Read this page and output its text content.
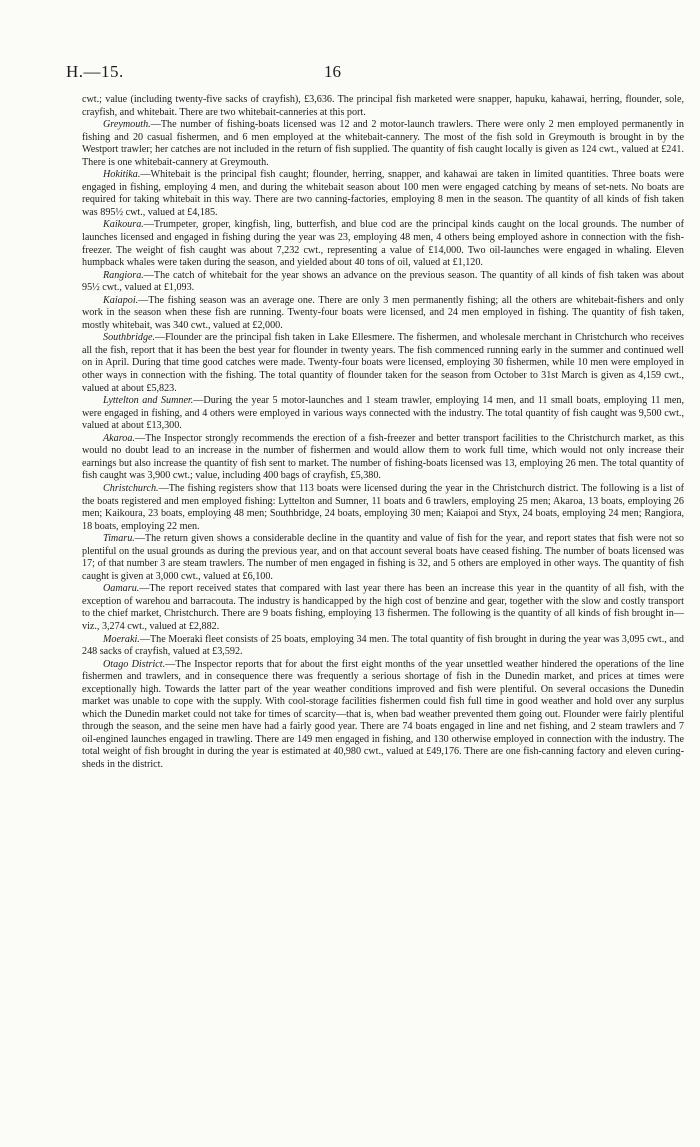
H.—15.	16

cwt.; value (including twenty-five sacks of crayfish), £3,636. The principal fish marketed were snapper, hapuku, kahawai, herring, flounder, sole, crayfish, and whitebait. There are two whitebait-canneries at this port.

Greymouth.—The number of fishing-boats licensed was 12 and 2 motor-launch trawlers. There were only 2 men employed permanently in fishing and 20 casual fishermen, and 6 men employed at the whitebait-cannery. The most of the fish sold in Greymouth is brought in by the Westport trawler; her catches are not included in the return of fish supplied. The quantity of fish caught locally is given as 124 cwt., valued at £241. There is one whitebait-cannery at Greymouth.

Hokitika.—Whitebait is the principal fish caught; flounder, herring, snapper, and kahawai are taken in limited quantities. Three boats were engaged in fishing, employing 4 men, and during the whitebait season about 100 men were engaged catching by means of set-nets. No boats are required for taking whitebait in this way. There are two canning-factories, employing 8 men in the season. The quantity of all kinds of fish taken was 895½ cwt., valued at £4,185.

Kaikoura.—Trumpeter, groper, kingfish, ling, butterfish, and blue cod are the principal kinds caught on the local grounds. The number of launches licensed and engaged in fishing during the year was 23, employing 48 men, 4 others being employed ashore in connection with the fish-freezer. The weight of fish caught was about 7,232 cwt., representing a value of £14,000. Two oil-launches were engaged in whaling. Eleven humpback whales were taken during the season, and yielded about 40 tons of oil, valued at £1,120.

Rangiora.—The catch of whitebait for the year shows an advance on the previous season. The quantity of all kinds of fish taken was about 95½ cwt., valued at £1,093.

Kaiapoi.—The fishing season was an average one. There are only 3 men permanently fishing; all the others are whitebait-fishers and only work in the season when these fish are running. Twenty-four boats were licensed, and 24 men employed in fishing. The quantity of fish taken, mostly whitebait, was 340 cwt., valued at £2,000.

Southbridge.—Flounder are the principal fish taken in Lake Ellesmere. The fishermen, and wholesale merchant in Christchurch who receives all the fish, report that it has been the best year for flounder in twenty years. The fish commenced running early in the summer and continued well on in April. During that time good catches were made. Twenty-four boats were licensed, employing 30 fishermen, while 10 men were employed in other ways in connection with the fishing. The total quantity of flounder taken for the season from October to 31st March is given as 4,159 cwt., valued at about £5,823.

Lyttelton and Sumner.—During the year 5 motor-launches and 1 steam trawler, employing 14 men, and 11 small boats, employing 11 men, were engaged in fishing, and 4 others were employed in various ways connected with the industry. The total quantity of fish caught was 9,500 cwt., valued at about £13,300.

Akaroa.—The Inspector strongly recommends the erection of a fish-freezer and better transport facilities to the Christchurch market, as this would no doubt lead to an increase in the number of fishermen and would allow them to work full time, which would not only increase their earnings but also increase the quantity of fish sent to market. The number of fishing-boats licensed was 13, employing 26 men. The total quantity of fish caught was 3,900 cwt.; value, including 400 bags of crayfish, £5,380.

Christchurch.—The fishing registers show that 113 boats were licensed during the year in the Christchurch district. The following is a list of the boats registered and men employed fishing: Lyttelton and Sumner, 11 boats and 6 trawlers, employing 25 men; Akaroa, 13 boats, employing 26 men; Kaikoura, 23 boats, employing 48 men; Southbridge, 24 boats, employing 30 men; Kaiapoi and Styx, 24 boats, employing 24 men; Rangiora, 18 boats, employing 22 men.

Timaru.—The return given shows a considerable decline in the quantity and value of fish for the year, and report states that fish were not so plentiful on the usual grounds as during the previous year, and on that account several boats have ceased fishing. The number of boats licensed was 17; of that number 3 are steam trawlers. The number of men engaged in fishing is 32, and 5 others are employed in other ways. The quantity of fish caught is given at 3,000 cwt., valued at £6,100.

Oamaru.—The report received states that compared with last year there has been an increase this year in the quantity of all fish, with the exception of warehou and barracouta. The industry is handicapped by the high cost of benzine and gear, together with the slow and costly transport to the chief market, Christchurch. There are 9 boats fishing, employing 13 fishermen. The following is the quantity of all kinds of fish brought in—viz., 3,274 cwt., valued at £2,882.

Moeraki.—The Moeraki fleet consists of 25 boats, employing 34 men. The total quantity of fish brought in during the year was 3,095 cwt., and 248 sacks of crayfish, valued at £3,592.

Otago District.—The Inspector reports that for about the first eight months of the year unsettled weather hindered the operations of the line fishermen and trawlers, and in consequence there was frequently a serious shortage of fish in the Dunedin market, and prices at times were exceptionally high. Towards the latter part of the year weather conditions improved and fish were plentiful. On several occasions the Dunedin market was unable to cope with the supply. With cool-storage facilities fishermen could fish full time in good weather and hold over any surplus which the Dunedin market could not take for times of scarcity—that is, when bad weather prevented them going out. Flounder were fairly plentiful through the season, and the seine men have had a fairly good year. There are 74 boats engaged in line and net fishing, and 2 steam trawlers and 7 oil-engined launches engaged in trawling. There are 149 men engaged in fishing, and 130 otherwise employed in connection with the industry. The total weight of fish brought in during the year is estimated at 40,980 cwt., valued at £49,176. There are one fish-canning factory and eleven curing-sheds in the district.
